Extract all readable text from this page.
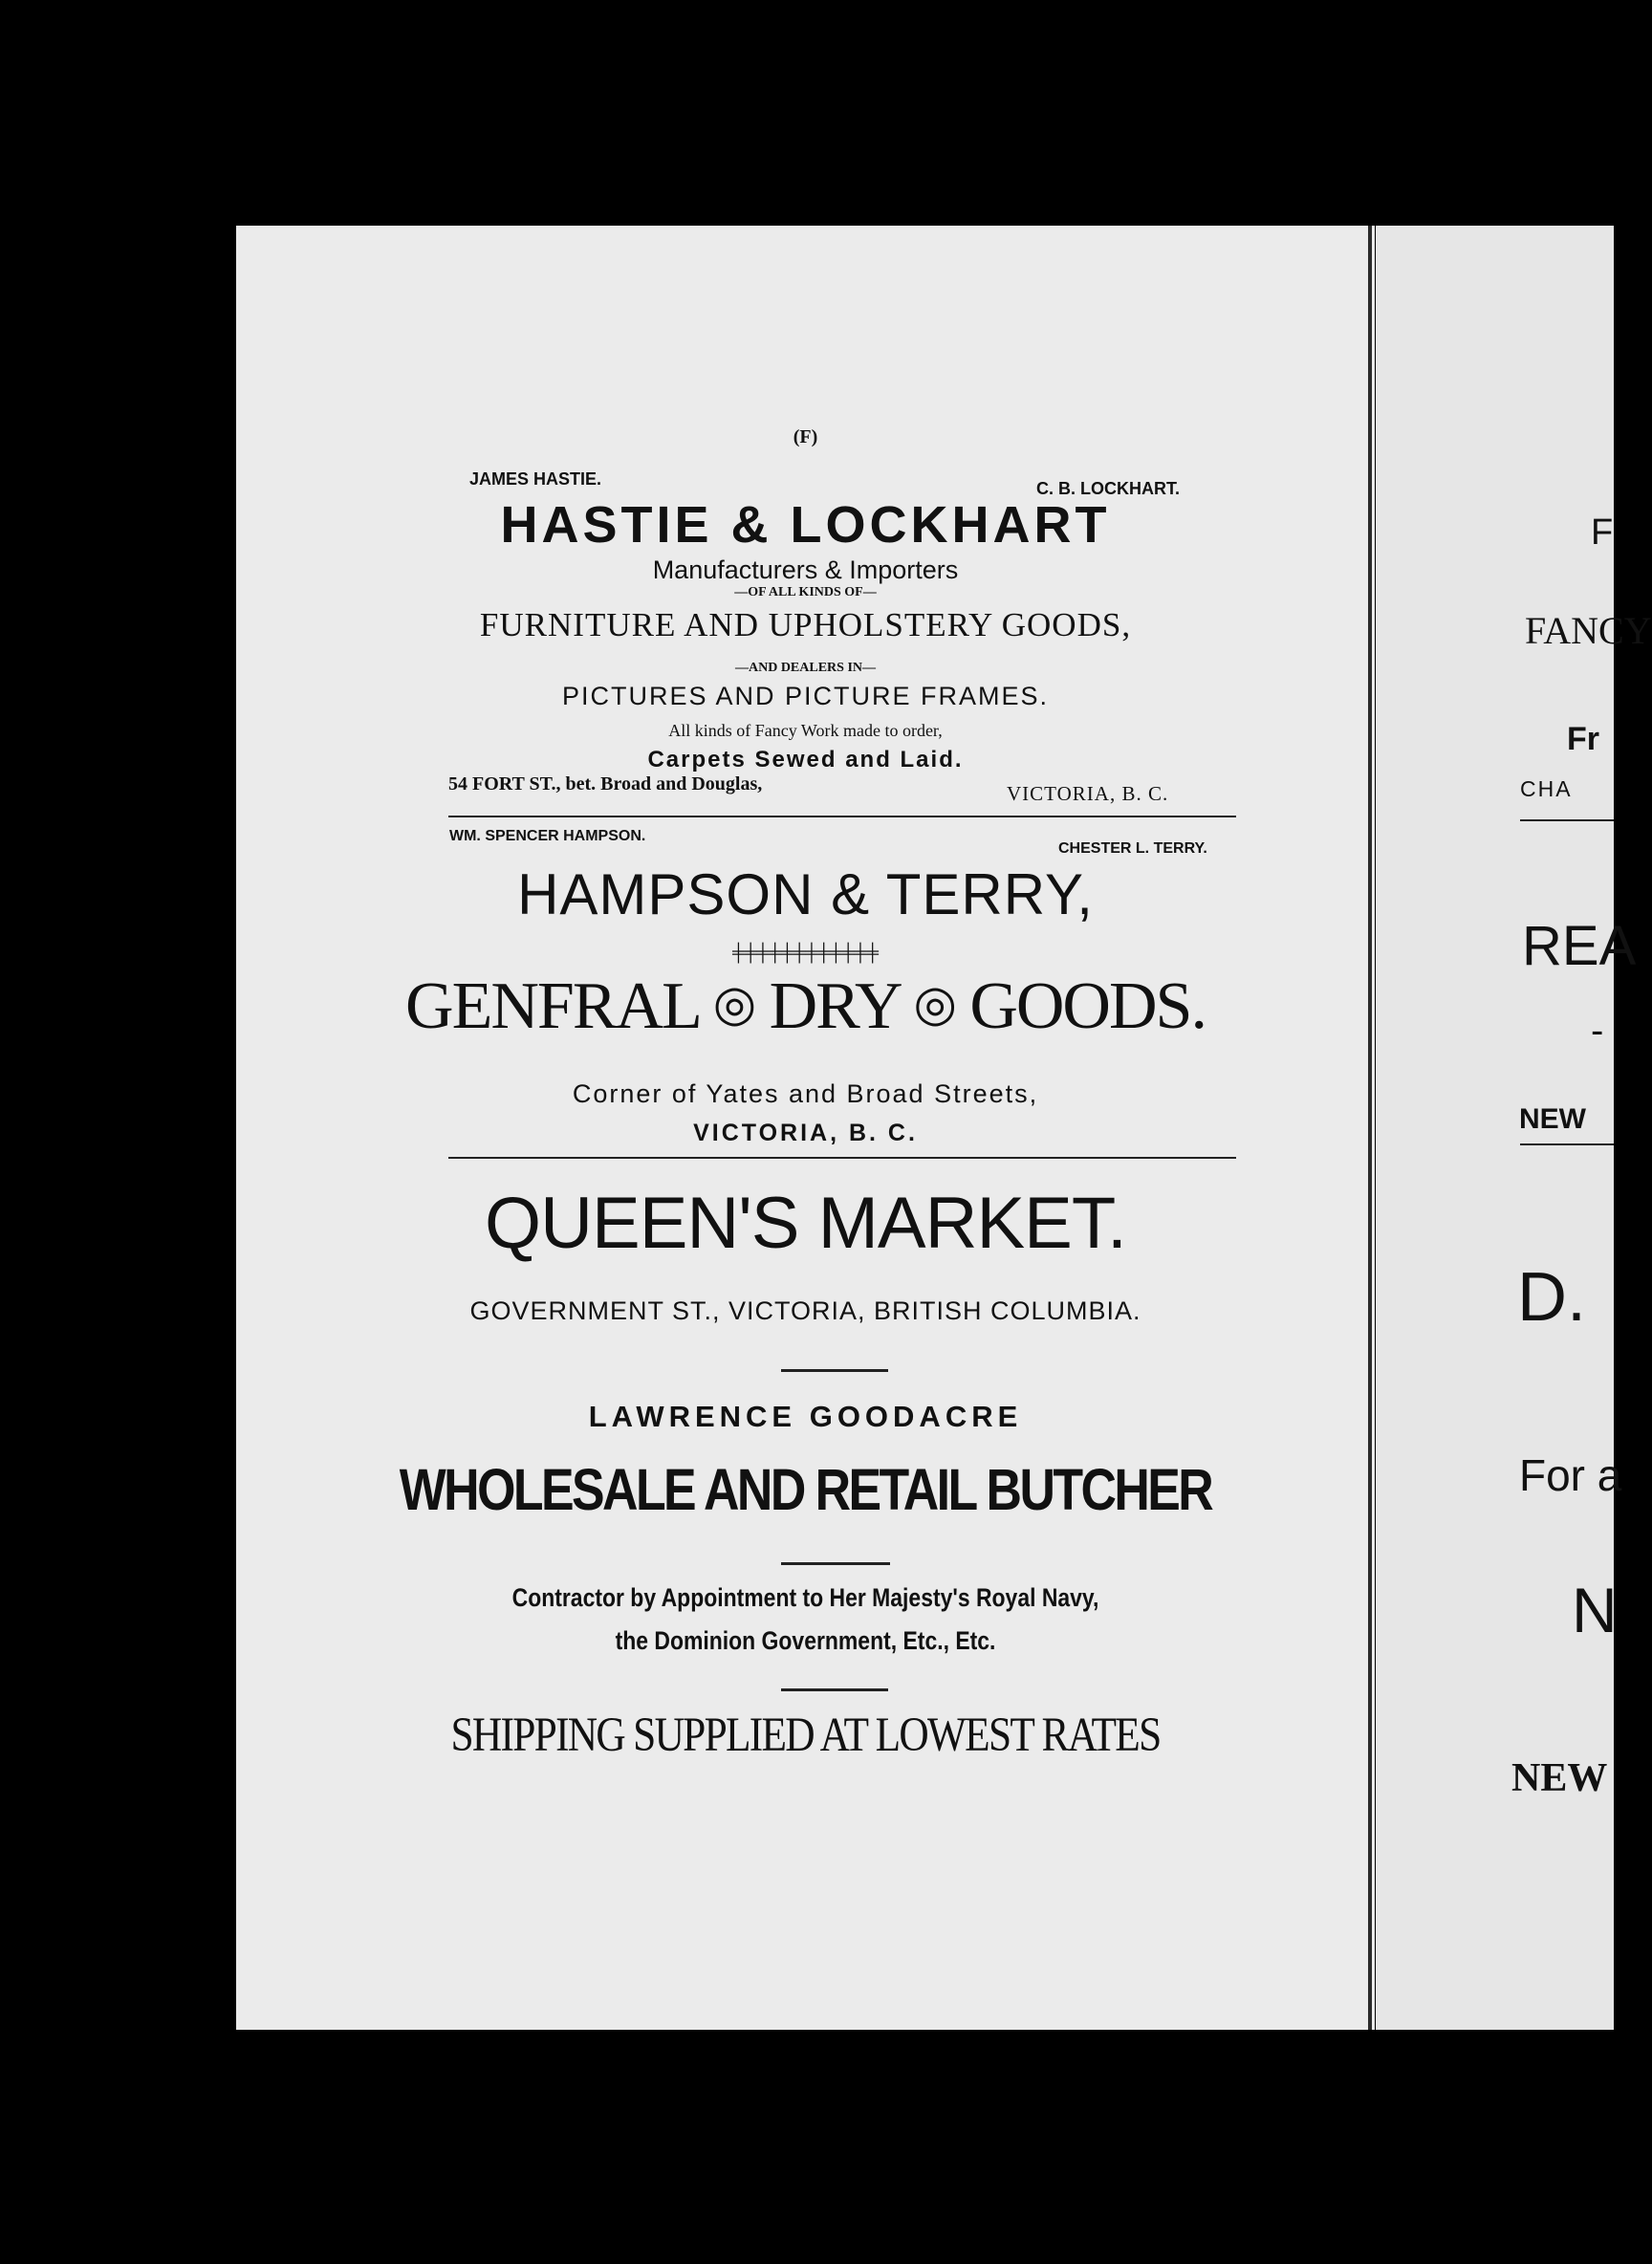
(F)
JAMES HASTIE.	C. B. LOCKHART.
HASTIE & LOCKHART
Manufacturers & Importers
—OF ALL KINDS OF—
FURNITURE AND UPHOLSTERY GOODS,
—AND DEALERS IN—
PICTURES AND PICTURE FRAMES.
All kinds of Fancy Work made to order,
Carpets Sewed and Laid.
54 FORT ST., bet. Broad and Douglas,	VICTORIA, B. C.
WM. SPENCER HAMPSON.
CHESTER L. TERRY.
HAMPSON & TERRY,
╪╪╪╪╪╪╪╪╪╪╪╪
GENFRAL ◎ DRY ◎ GOODS.
Corner of Yates and Broad Streets,
VICTORIA, B. C.
QUEEN'S MARKET.
GOVERNMENT ST., VICTORIA, BRITISH COLUMBIA.
LAWRENCE GOODACRE
WHOLESALE AND RETAIL BUTCHER
Contractor by Appointment to Her Majesty's Royal Navy,
the Dominion Government, Etc., Etc.
SHIPPING SUPPLIED AT LOWEST RATES
F
FANCY
Fr
CHA
REA
-
NEW
D.
For a
N
NEW
